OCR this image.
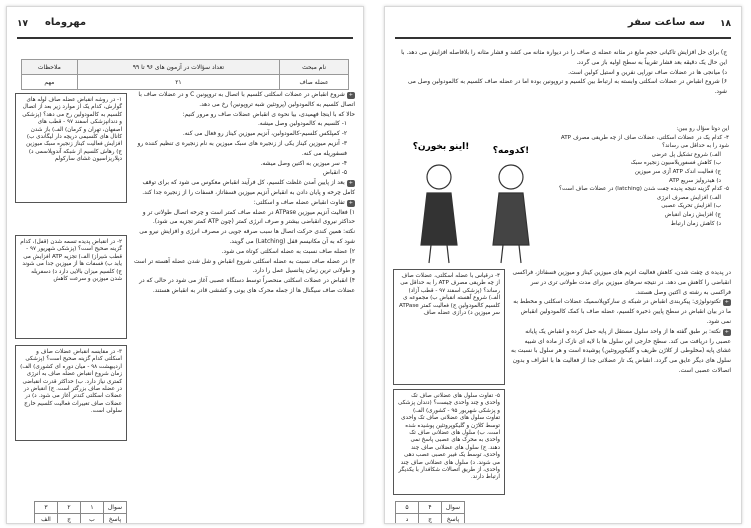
۱۷ مهروماه
نام مبحث	تعداد سؤالات در آزمون های ۹۶ تا ۹۹	ملاحظات
عضله صاف	۲۱	مهم

۱- در روشه انقباض عضله صاف لوله های گوارش، کدام یک از موارد زیر بعد از اتصال کلسیم به کالمودولین رخ می دهد؟ (پزشکی و دندانپزشکی اسفند ۹۷ - قطب های اصفهان، تهران و کرمان) الف) باز شدن کانال های کلسیمی دریچه دار لیگاندی ب) افزایش فعالیت کیناز زنجیره سبک میوزین ج) رهاش کلسیم از شبکه آندوپلاسمی د) دپلاریزاسیون غشای سارکولم

۲- در انقباض پدیده تسمه شدن (قفل)، کدام گزینه صحیح است؟ (پزشکی شهریور ۹۷ - قطب شیراز) الف) تجزیه ATP افزایش می یابد ب) فسفات ها از میوزین جدا می شوند ج) کلسیم میزان بالایی دارد د) دسفریله شدن میوزین و سرعت کاهش

۳- در مقایسه انقباض عضلات صاف و اسکلتی کدام گزینه صحیح است؟ (پزشکی اردیبهشت ۹۸ - میان دوره ای کشوری) الف) زمان شروع انقباض عضله صاف به انرژی کمتری نیاز دارد. ب) حداکثر قدرت انقباضی در عضله صاف بزرگتر است. ج) انقباض در عضلات اسکلتی کندتر آغاز می شود. د) در عضلات صاف تغییرات فعالیت کلسیم خارج سلولی است.

+شروع انقباض در عضلات اسکلتی کلسیم با اتصال به تروپونین C و در عضلات صاف با اتصال کلسیم به کالمودولین (پروتئین شبه تروپونین) رخ می دهد.

حالا که با اینجا فهمیدی، بیا نحوه ی انقباض عضلات صاف رو مرور کنیم:

۱- کلسیم به کالمودولین وصل میشه.

۲- کمپلکس کلسیم-کالمودولین، آنزیم میوزین کیناز رو فعال می کنه.

۳- آنزیم میوزین کیناز یکی از زنجیره های سبک میوزین به نام زنجیره ی تنظیم کننده رو فسفوریله می کنه.

۴- سر میوزین به اکتین وصل میشه.

۵- انقباض

+بعد از پایین آمدن غلظت کلسیم، کل فرآیند انقباض معکوس می شود که برای توقف کامل چرخه و پایان دادن به انقباض آنزیم میوزین فسفاتاز، فسفات را از زنجیره جدا کند.

+تفاوت انقباض عضله صاف و اسکلتی:

۱) فعالیت آنزیم میوزین ATPase در عضله صاف کمتر است و چرخه اتصال طولانی تر و حداکثر نیروی انقباضی بیشتر و صرف انرژی کمتر (چون ATP کمتر تجزیه می شود).

نکته: همین کندی حرکت اتصال ها سبب صرفه جویی در مصرف انرژی و افزایش نیرو می شود که به آن مکانیسم قفل (Latching) می گویند.

۲) عضله صاف نسبت به عضله اسکلتی کوتاه می شود.

۳) در عضله صاف نسبت به عضله اسکلتی شروع انقباض و شل شدن عضله آهسته تر است و طولانی ترین زمان پتانسیل عمل را دارد.

۴) انقباض در عضلات اسکلتی منحصراً توسط دستگاه عصبی آغاز می شود در حالی که در عضلات صاف سیگنال ها از جمله محرک های یونی و کششی قادر به انقباض هستند.

سوال	۱	۲	۳
پاسخ	ب	ج	الف
۱۸
سه ساعت سفر

ج) برای حل افزایش تاکیانی حجم مایع در مثانه عضله ی صاف را در دیواره مثانه می کشد و فشار مثانه را بلافاصله افزایش می دهد. با این حال یک دقیقه بعد فشار تقریباً به سطح اولیه باز می گردد.

د) میانجی ها در عضلات صاف نوراپی نفرین و استیل کولین است.

۶) شروع انقباض در عضلات اسکلتی وابسته به ارتباط بین کلسیم و تروپونین بوده اما در عضله صاف کلسیم به کالمودولین وصل می شود.

کدومه؟!
اینو بخورن؟!

این دوتا سؤال رو ببین:

۴- کدام یک در عضلات اسکلتی، عضلات صاف از چه طریقی مصرف ATP شود را به حداقل می رساند؟

الف) شروع تشکیل پل عرضی

ب) کاهش فسفوریلاسیون زنجیره سبک

ج) فعالیت اندک ATP آزی سر میوزین

د) هیدرولیز سریع ATP

۵- کدام گزینه نتیجه پدیده چفت شدن (latching) در عضلات صاف است؟

الف) افزایش مصرف انرژی

ب) افزایش تحریک عصبی

ج) افزایش زمان انقباض

د) کاهش زمان ارتباط

۴- درقیاس با عضله اسکلتی، عضلات صاف از چه طریقی مصرف ATP را به حداقل می رساند؟ (پزشکی اسفند ۹۷ - قطب آزاد) الف) شروع آهسته انقباض ب) مجموعه ی کلسیم کالمودولین ج) فعالیت کمتر ATPase سر میوزین د) درازی عضله صاف

۵- تفاوت سلول های عضلانی صاف تک واحدی و چند واحدی چیست؟ (دندان پزشکی و پزشکی شهریور ۹۵ - کشوری) الف) تفاوت سلول های عضلانی صاف تک واحدی توسط کلاژن و گلیکوپروتئین پوشیده شده است. ب) سلول های عضلانی صاف تک واحدی به محرک های عصبی پاسخ نمی دهند. ج) سلول های عضلانی صاف چند واحدی، توسط یک فیبر عصبی عصب دهی می شوند. د) سلول های عضلانی صاف چند واحدی، از طریق اتصالات شکافدار با یکدیگر ارتباط دارند.

در پدیده ی چفت شدن، کاهش فعالیت آنزیم های میوزین کیناز و میوزین فسفاتاز، فراکسی انقباضی را کاهش می دهد. در نتیجه سرهای میوزین برای مدت طولانی تری در سر فراکسی به رشته ی اکتین وصل هستند.

+تکتونولوژی: پیکربندی انقباض در شبکه ی سارکوپلاسمیک عضلات اسکلتی و مخطط به ما در بیان انقباض در سطح پایین ذخیره کلسیم، عضله صاف با کمک کالمودولین انقباض نمی شود.

+نکته: بر طبق گفته ها از واحد سلول مستقل از پایه حمل کرده و انقباض یک پایانه عصبی را دریافت می کند. سطح خارجی این سلول ها با لایه ای نازک از ماده ای شبیه غشای پایه (مخلوطی از کلاژن ظریف و گلیکوپروتئین) پوشیده است و هر سلول با نسبت به سلول های دیگر عایق می گردد. انقباض یک تار عضلاتی جدا از فعالیت ها با اطراف و بدون اتصالات عصبی است.

سوال	۴	۵
پاسخ	ج	د
